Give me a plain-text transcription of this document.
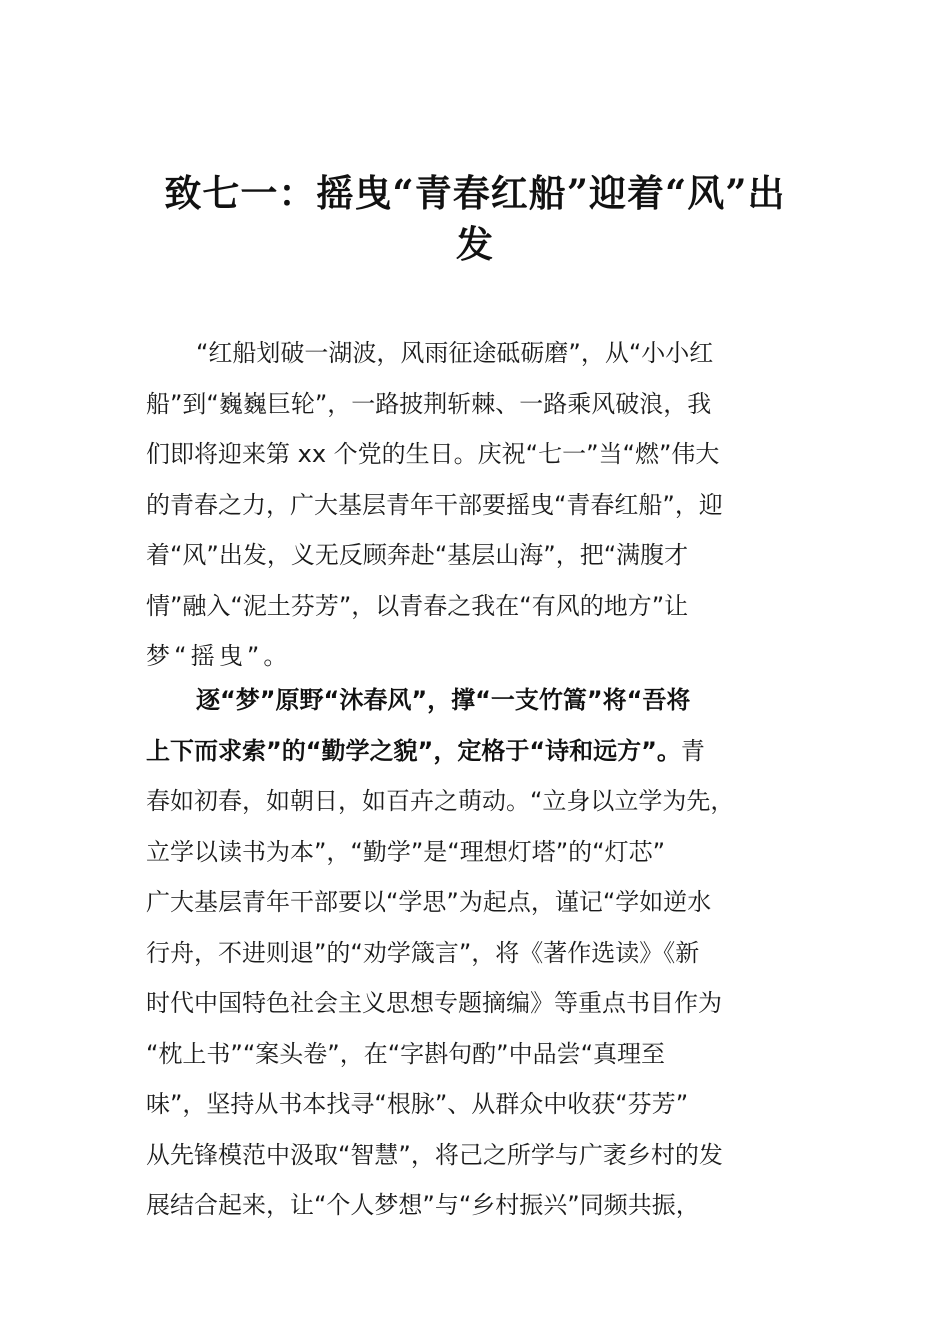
致七一：摇曳“青春红船”迎着“风”出
发
“红船划破一湖波，风雨征途砥砺磨”，从“小小红
船”到“巍巍巨轮”，一路披荆斩棘、一路乘风破浪，我
们即将迎来第 xx 个党的生日。庆祝“七一”当“燃”伟大
的青春之力，广大基层青年干部要摇曳“青春红船”，迎
着“风”出发，义无反顾奔赴“基层山海”，把“满腹才
情”融入“泥土芬芳”，以青春之我在“有风的地方”让
梦“摇曳”。
逐“梦”原野“沐春风”，撑“一支竹篙”将“吾将
上下而求索”的“勤学之貌”，定格于“诗和远方”。青
春如初春，如朝日，如百卉之萌动。“立身以立学为先，
立学以读书为本”，“勤学”是“理想灯塔”的“灯芯”
广大基层青年干部要以“学思”为起点，谨记“学如逆水
行舟，不进则退”的“劝学箴言”，将《著作选读》《新
时代中国特色社会主义思想专题摘编》等重点书目作为
“枕上书”“案头卷”，在“字斟句酌”中品尝“真理至
味”，坚持从书本找寻“根脉”、从群众中收获“芬芳”
从先锋模范中汲取“智慧”，将己之所学与广袤乡村的发
展结合起来，让“个人梦想”与“乡村振兴”同频共振，
